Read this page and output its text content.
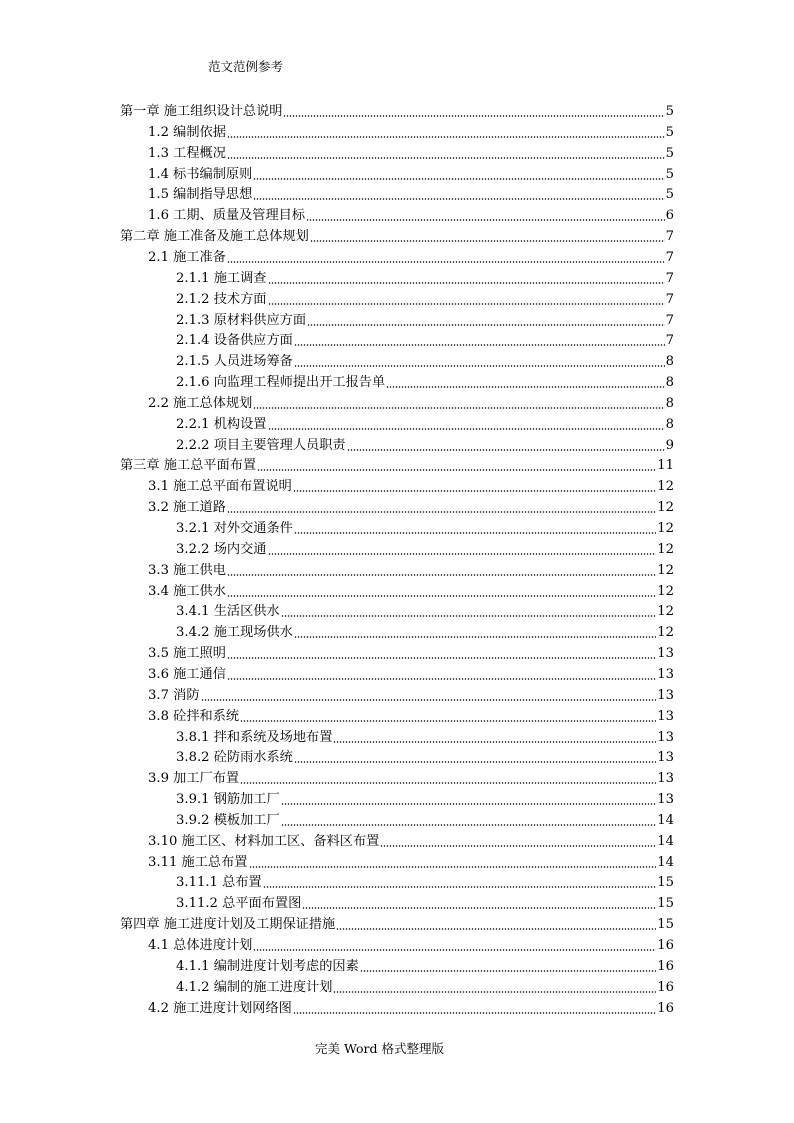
范文范例参考
第一章 施工组织设计总说明	5
1.2 编制依据	5
1.3 工程概况	5
1.4 标书编制原则	5
1.5 编制指导思想	5
1.6 工期、质量及管理目标	6
第二章 施工准备及施工总体规划	7
2.1 施工准备	7
2.1.1 施工调查	7
2.1.2 技术方面	7
2.1.3 原材料供应方面	7
2.1.4 设备供应方面	7
2.1.5 人员进场筹备	8
2.1.6 向监理工程师提出开工报告单	8
2.2 施工总体规划	8
2.2.1 机构设置	8
2.2.2 项目主要管理人员职责	9
第三章 施工总平面布置	11
3.1 施工总平面布置说明	12
3.2 施工道路	12
3.2.1 对外交通条件	12
3.2.2 场内交通	12
3.3 施工供电	12
3.4 施工供水	12
3.4.1 生活区供水	12
3.4.2 施工现场供水	12
3.5 施工照明	13
3.6 施工通信	13
3.7 消防	13
3.8 砼拌和系统	13
3.8.1 拌和系统及场地布置	13
3.8.2 砼防雨水系统	13
3.9 加工厂布置	13
3.9.1 钢筋加工厂	13
3.9.2 模板加工厂	14
3.10 施工区、材料加工区、备料区布置	14
3.11 施工总布置	14
3.11.1 总布置	15
3.11.2 总平面布置图	15
第四章 施工进度计划及工期保证措施	15
4.1 总体进度计划	16
4.1.1 编制进度计划考虑的因素	16
4.1.2 编制的施工进度计划	16
4.2 施工进度计划网络图	16
完美 Word 格式整理版
